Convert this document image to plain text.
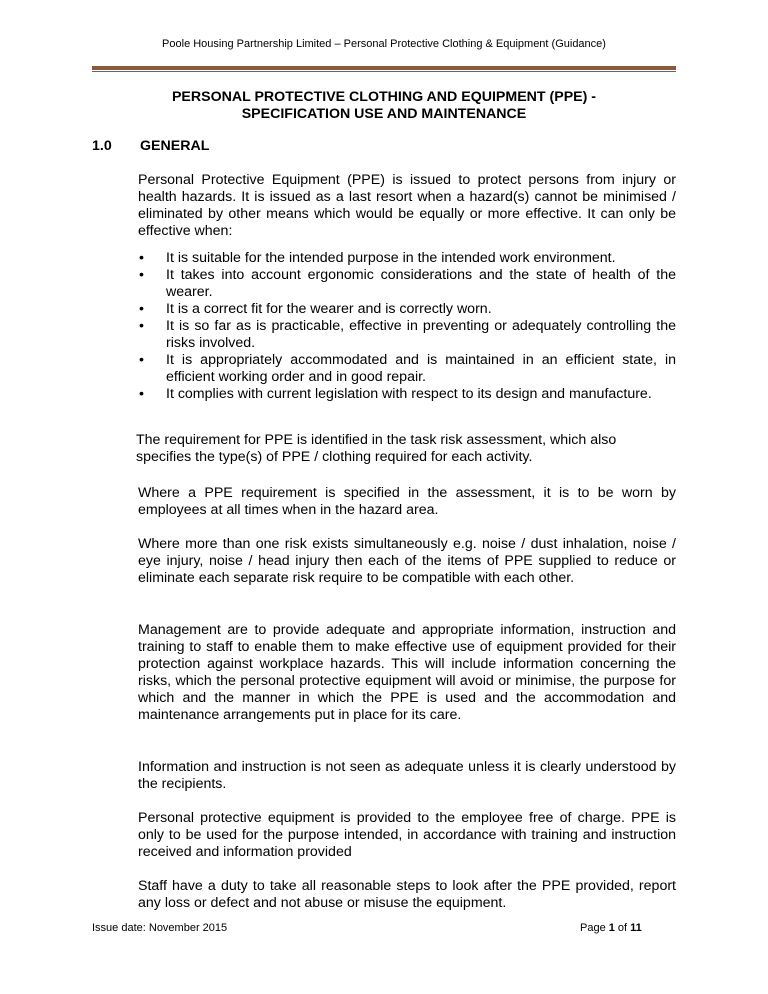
Poole Housing Partnership Limited – Personal Protective Clothing & Equipment (Guidance)
PERSONAL PROTECTIVE CLOTHING AND EQUIPMENT (PPE) -
SPECIFICATION USE AND MAINTENANCE
1.0 GENERAL
Personal Protective Equipment (PPE) is issued to protect persons from injury or health hazards. It is issued as a last resort when a hazard(s) cannot be minimised / eliminated by other means which would be equally or more effective. It can only be effective when:
• It is suitable for the intended purpose in the intended work environment.
• It takes into account ergonomic considerations and the state of health of the wearer.
• It is a correct fit for the wearer and is correctly worn.
• It is so far as is practicable, effective in preventing or adequately controlling the risks involved.
• It is appropriately accommodated and is maintained in an efficient state, in efficient working order and in good repair.
• It complies with current legislation with respect to its design and manufacture.
The requirement for PPE is identified in the task risk assessment, which also specifies the type(s) of PPE / clothing required for each activity.
Where a PPE requirement is specified in the assessment, it is to be worn by employees at all times when in the hazard area.
Where more than one risk exists simultaneously e.g. noise / dust inhalation, noise / eye injury, noise / head injury then each of the items of PPE supplied to reduce or eliminate each separate risk require to be compatible with each other.
Management are to provide adequate and appropriate information, instruction and training to staff to enable them to make effective use of equipment provided for their protection against workplace hazards. This will include information concerning the risks, which the personal protective equipment will avoid or minimise, the purpose for which and the manner in which the PPE is used and the accommodation and maintenance arrangements put in place for its care.
Information and instruction is not seen as adequate unless it is clearly understood by the recipients.
Personal protective equipment is provided to the employee free of charge. PPE is only to be used for the purpose intended, in accordance with training and instruction received and information provided
Staff have a duty to take all reasonable steps to look after the PPE provided, report any loss or defect and not abuse or misuse the equipment.
Issue date: November 2015	Page 1 of 11
